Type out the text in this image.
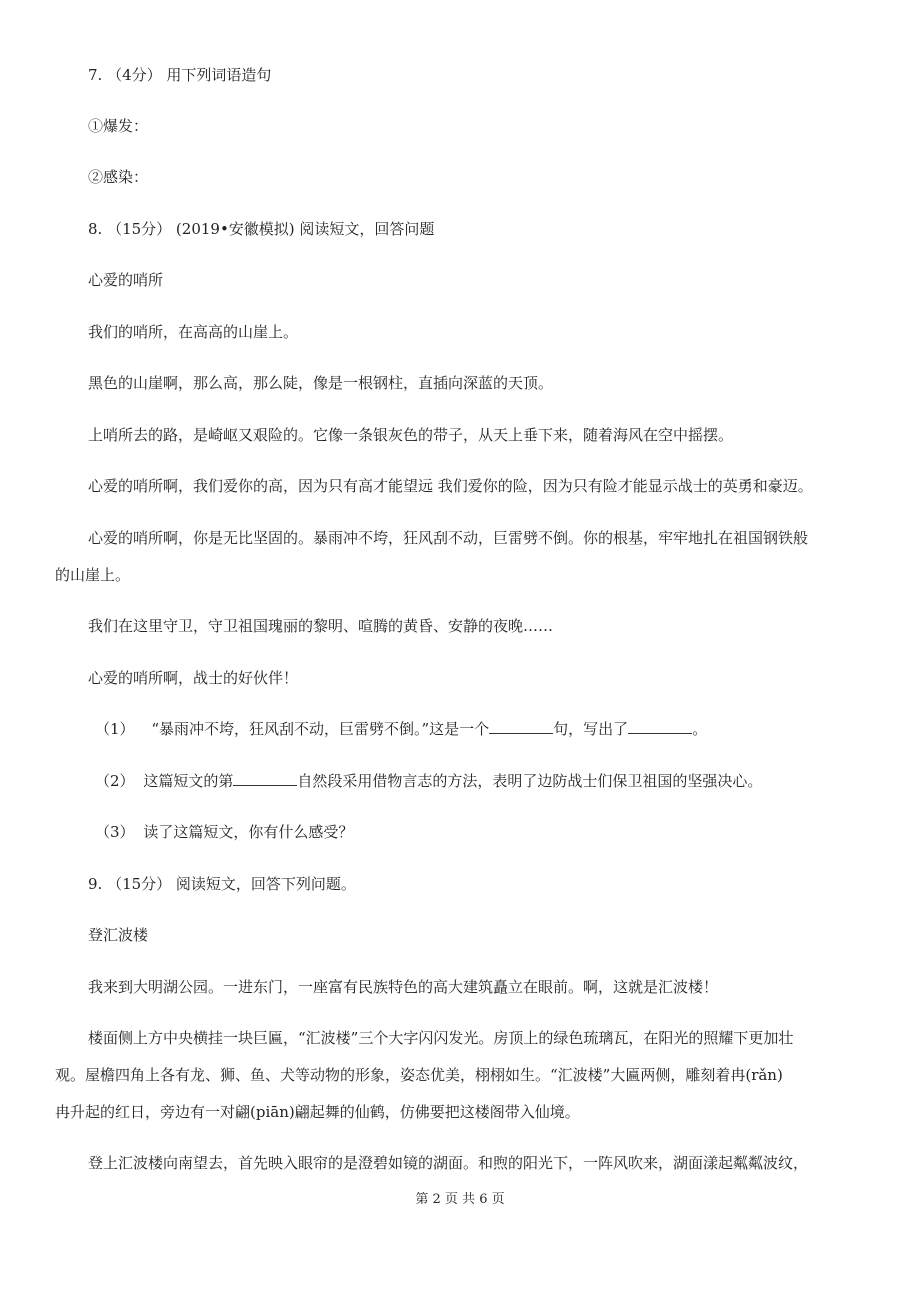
7. （4分） 用下列词语造句
①爆发：
②感染：
8. （15分） (2019•安徽模拟) 阅读短文，回答问题
心爱的哨所
我们的哨所，在高高的山崖上。
黑色的山崖啊，那么高，那么陡，像是一根钢柱，直插向深蓝的天顶。
上哨所去的路，是崎岖又艰险的。它像一条银灰色的带子，从天上垂下来，随着海风在空中摇摆。
心爱的哨所啊，我们爱你的高，因为只有高才能望远 我们爱你的险，因为只有险才能显示战士的英勇和豪迈。
心爱的哨所啊，你是无比坚固的。暴雨冲不垮，狂风刮不动，巨雷劈不倒。你的根基，牢牢地扎在祖国钢铁般
的山崖上。
我们在这里守卫，守卫祖国瑰丽的黎明、喧腾的黄昏、安静的夜晚……
心爱的哨所啊，战士的好伙伴！
（1） “暴雨冲不垮，狂风刮不动，巨雷劈不倒。”这是一个	句，写出了	。
（2） 这篇短文的第	自然段采用借物言志的方法，表明了边防战士们保卫祖国的坚强决心。
（3） 读了这篇短文，你有什么感受？
9. （15分） 阅读短文，回答下列问题。
登汇波楼
我来到大明湖公园。一进东门，一座富有民族特色的高大建筑矗立在眼前。啊，这就是汇波楼！
楼面侧上方中央横挂一块巨匾，“汇波楼”三个大字闪闪发光。房顶上的绿色琉璃瓦，在阳光的照耀下更加壮
观。屋檐四角上各有龙、狮、鱼、犬等动物的形象，姿态优美，栩栩如生。“汇波楼”大匾两侧，雕刻着冉(rǎn)
冉升起的红日，旁边有一对翩(piān)翩起舞的仙鹤，仿佛要把这楼阁带入仙境。
登上汇波楼向南望去，首先映入眼帘的是澄碧如镜的湖面。和煦的阳光下，一阵风吹来，湖面漾起粼粼波纹，
第 2 页 共 6 页
